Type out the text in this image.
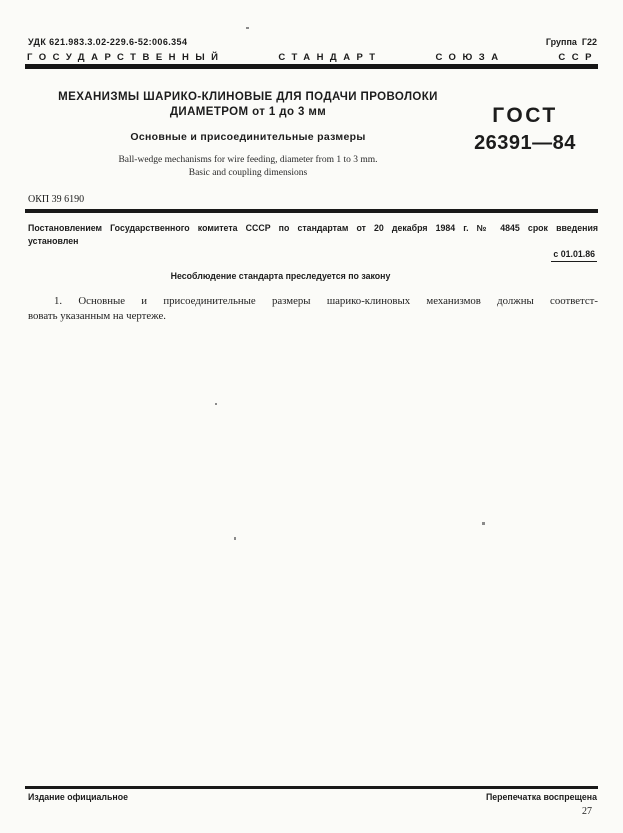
УДК 621.983.3.02-229.6-52:006.354	Группа  Г22
ГОСУДАРСТВЕННЫЙ	СТАНДАРТ	СОЮЗА	ССР
МЕХАНИЗМЫ ШАРИКО-КЛИНОВЫЕ ДЛЯ ПОДАЧИ ПРОВОЛОКИ
ДИАМЕТРОМ от 1 до 3 мм
Основные и присоединительные размеры
Ball-wedge mechanisms for wire feeding, diameter from 1 to 3 mm.
Basic and coupling dimensions
ГОСТ
26391—84
ОКП 39 6190
Постановлением Государственного комитета СССР по стандартам от 20 декабря 1984 г. № 4845 срок введения
установлен
с 01.01.86
Несоблюдение стандарта преследуется по закону
1. Основные и присоединительные размеры шарико-клиновых механизмов должны соответст-
вовать указанным на чертеже.
Издание официальное	Перепечатка воспрещена
27
